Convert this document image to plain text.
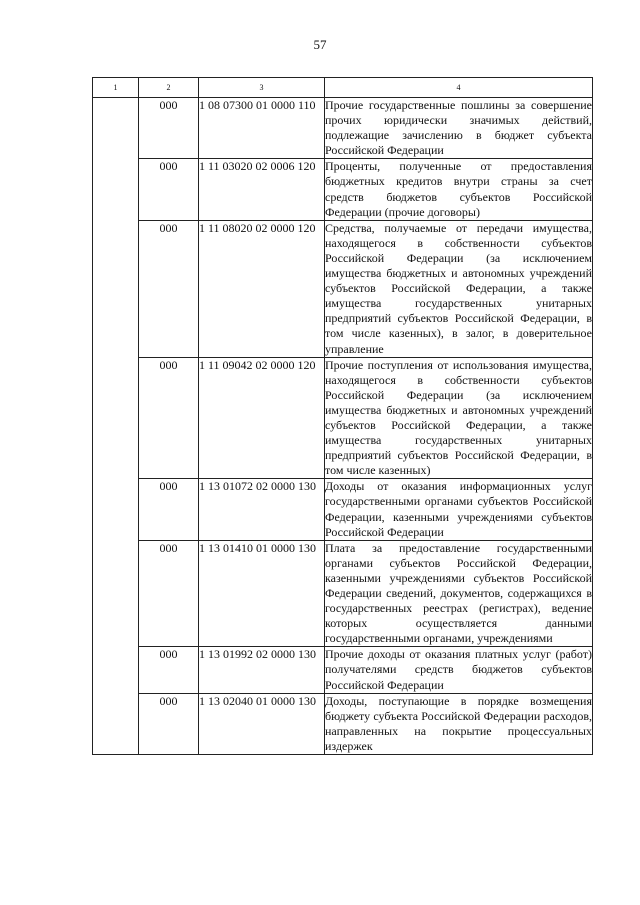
57
1	2	3	4
	000	1 08 07300 01 0000 110	Прочие государственные пошлины за совершение прочих юридически значимых действий, подлежащие зачислению в бюджет субъекта Российской Федерации
	000	1 11 03020 02 0006 120	Проценты, полученные от предоставления бюджетных кредитов внутри страны за счет средств бюджетов субъектов Российской Федерации (прочие договоры)
	000	1 11 08020 02 0000 120	Средства, получаемые от передачи имущества, находящегося в собственности субъектов Российской Федерации (за исключением имущества бюджетных и автономных учреждений субъектов Российской Федерации, а также имущества государственных унитарных предприятий субъектов Российской Федерации, в том числе казенных), в залог, в доверительное управление
	000	1 11 09042 02 0000 120	Прочие поступления от использования имущества, находящегося в собственности субъектов Российской Федерации (за исключением имущества бюджетных и автономных учреждений субъектов Российской Федерации, а также имущества государственных унитарных предприятий субъектов Российской Федерации, в том числе казенных)
	000	1 13 01072 02 0000 130	Доходы от оказания информационных услуг государственными органами субъектов Российской Федерации, казенными учреждениями субъектов Российской Федерации
	000	1 13 01410 01 0000 130	Плата за предоставление государственными органами субъектов Российской Федерации, казенными учреждениями субъектов Российской Федерации сведений, документов, содержащихся в государственных реестрах (регистрах), ведение которых осуществляется данными государственными органами, учреждениями
	000	1 13 01992 02 0000 130	Прочие доходы от оказания платных услуг (работ) получателями средств бюджетов субъектов Российской Федерации
	000	1 13 02040 01 0000 130	Доходы, поступающие в порядке возмещения бюджету субъекта Российской Федерации расходов, направленных на покрытие процессуальных издержек
